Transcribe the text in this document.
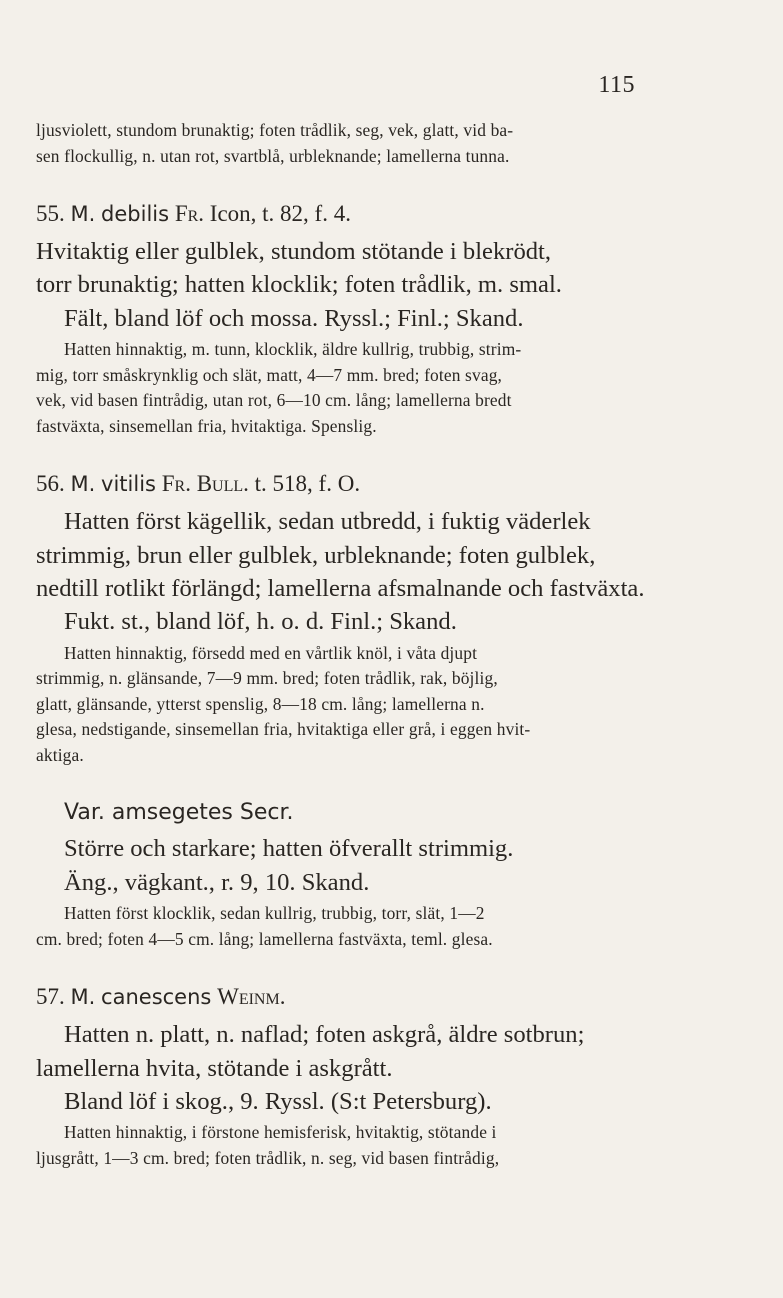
115

ljusviolett, stundom brunaktig; foten trådlik, seg, vek, glatt, vid ba-

sen flockullig, n. utan rot, svartblå, urbleknande; lamellerna tunna.

55. M. debilis Fr. Icon, t. 82, f. 4.

Hvitaktig eller gulblek, stundom stötande i blekrödt,

torr brunaktig; hatten klocklik; foten trådlik, m. smal.

Fält, bland löf och mossa. Ryssl.; Finl.; Skand.

Hatten hinnaktig, m. tunn, klocklik, äldre kullrig, trubbig, strim-

mig, torr småskrynklig och slät, matt, 4—7 mm. bred; foten svag,

vek, vid basen fintrådig, utan rot, 6—10 cm. lång; lamellerna bredt

fastväxta, sinsemellan fria, hvitaktiga. Spenslig.

56. M. vitilis Fr. Bull. t. 518, f. O.

Hatten först kägellik, sedan utbredd, i fuktig väderlek

strimmig, brun eller gulblek, urbleknande; foten gulblek,

nedtill rotlikt förlängd; lamellerna afsmalnande och fastväxta.

Fukt. st., bland löf, h. o. d. Finl.; Skand.

Hatten hinnaktig, försedd med en vårtlik knöl, i våta djupt

strimmig, n. glänsande, 7—9 mm. bred; foten trådlik, rak, böjlig,

glatt, glänsande, ytterst spenslig, 8—18 cm. lång; lamellerna n.

glesa, nedstigande, sinsemellan fria, hvitaktiga eller grå, i eggen hvit-

aktiga.

Var. amsegetes Secr.

Större och starkare; hatten öfverallt strimmig.

Äng., vägkant., r. 9, 10. Skand.

Hatten först klocklik, sedan kullrig, trubbig, torr, slät, 1—2

cm. bred; foten 4—5 cm. lång; lamellerna fastväxta, teml. glesa.

57. M. canescens Weinm.

Hatten n. platt, n. naflad; foten askgrå, äldre sotbrun;

lamellerna hvita, stötande i askgrått.

Bland löf i skog., 9. Ryssl. (S:t Petersburg).

Hatten hinnaktig, i förstone hemisferisk, hvitaktig, stötande i

ljusgrått, 1—3 cm. bred; foten trådlik, n. seg, vid basen fintrådig,
